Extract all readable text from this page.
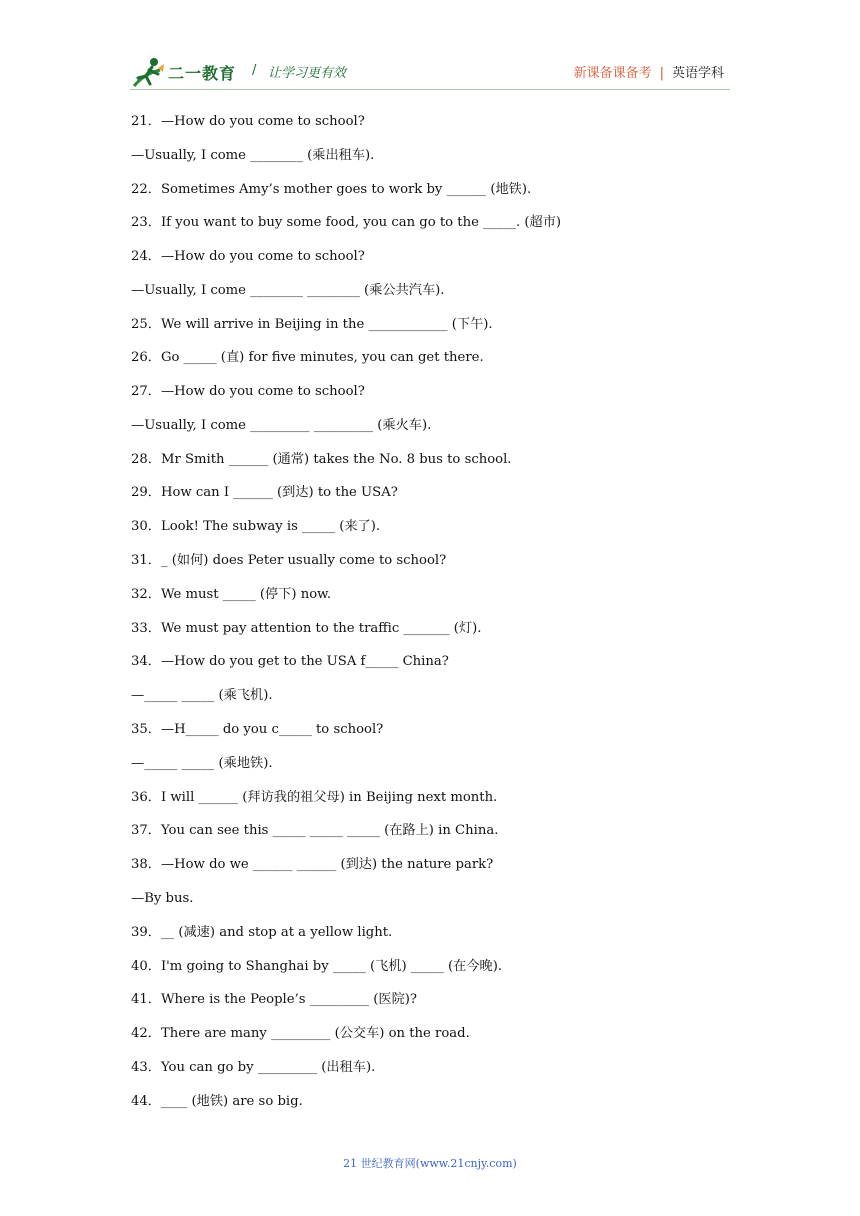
二一教育 / 让学习更有效	新课备课备考 | 英语学科
21．—How do you come to school?
—Usually, I come ________ (乘出租车).
22．Sometimes Amy’s mother goes to work by ______ (地铁).
23．If you want to buy some food, you can go to the _____. (超市)
24．—How do you come to school?
—Usually, I come ________ ________ (乘公共汽车).
25．We will arrive in Beijing in the ____________ (下午).
26．Go _____ (直) for five minutes, you can get there.
27．—How do you come to school?
—Usually, I come _________ _________ (乘火车).
28．Mr Smith ______ (通常) takes the No. 8 bus to school.
29．How can I ______ (到达) to the USA?
30．Look! The subway is _____ (来了).
31．_ (如何) does Peter usually come to school?
32．We must _____ (停下) now.
33．We must pay attention to the traffic _______ (灯).
34．—How do you get to the USA f_____ China?
—_____ _____ (乘飞机).
35．—H_____ do you c_____ to school?
—_____ _____ (乘地铁).
36．I will ______ (拜访我的祖父母) in Beijing next month.
37．You can see this _____ _____ _____ (在路上) in China.
38．—How do we ______ ______ (到达) the nature park?
—By bus.
39．__ (减速) and stop at a yellow light.
40．I'm going to Shanghai by _____ (飞机) _____ (在今晚).
41．Where is the People’s _________ (医院)?
42．There are many _________ (公交车) on the road.
43．You can go by _________ (出租车).
44．____ (地铁) are so big.
21 世纪教育网(www.21cnjy.com)
